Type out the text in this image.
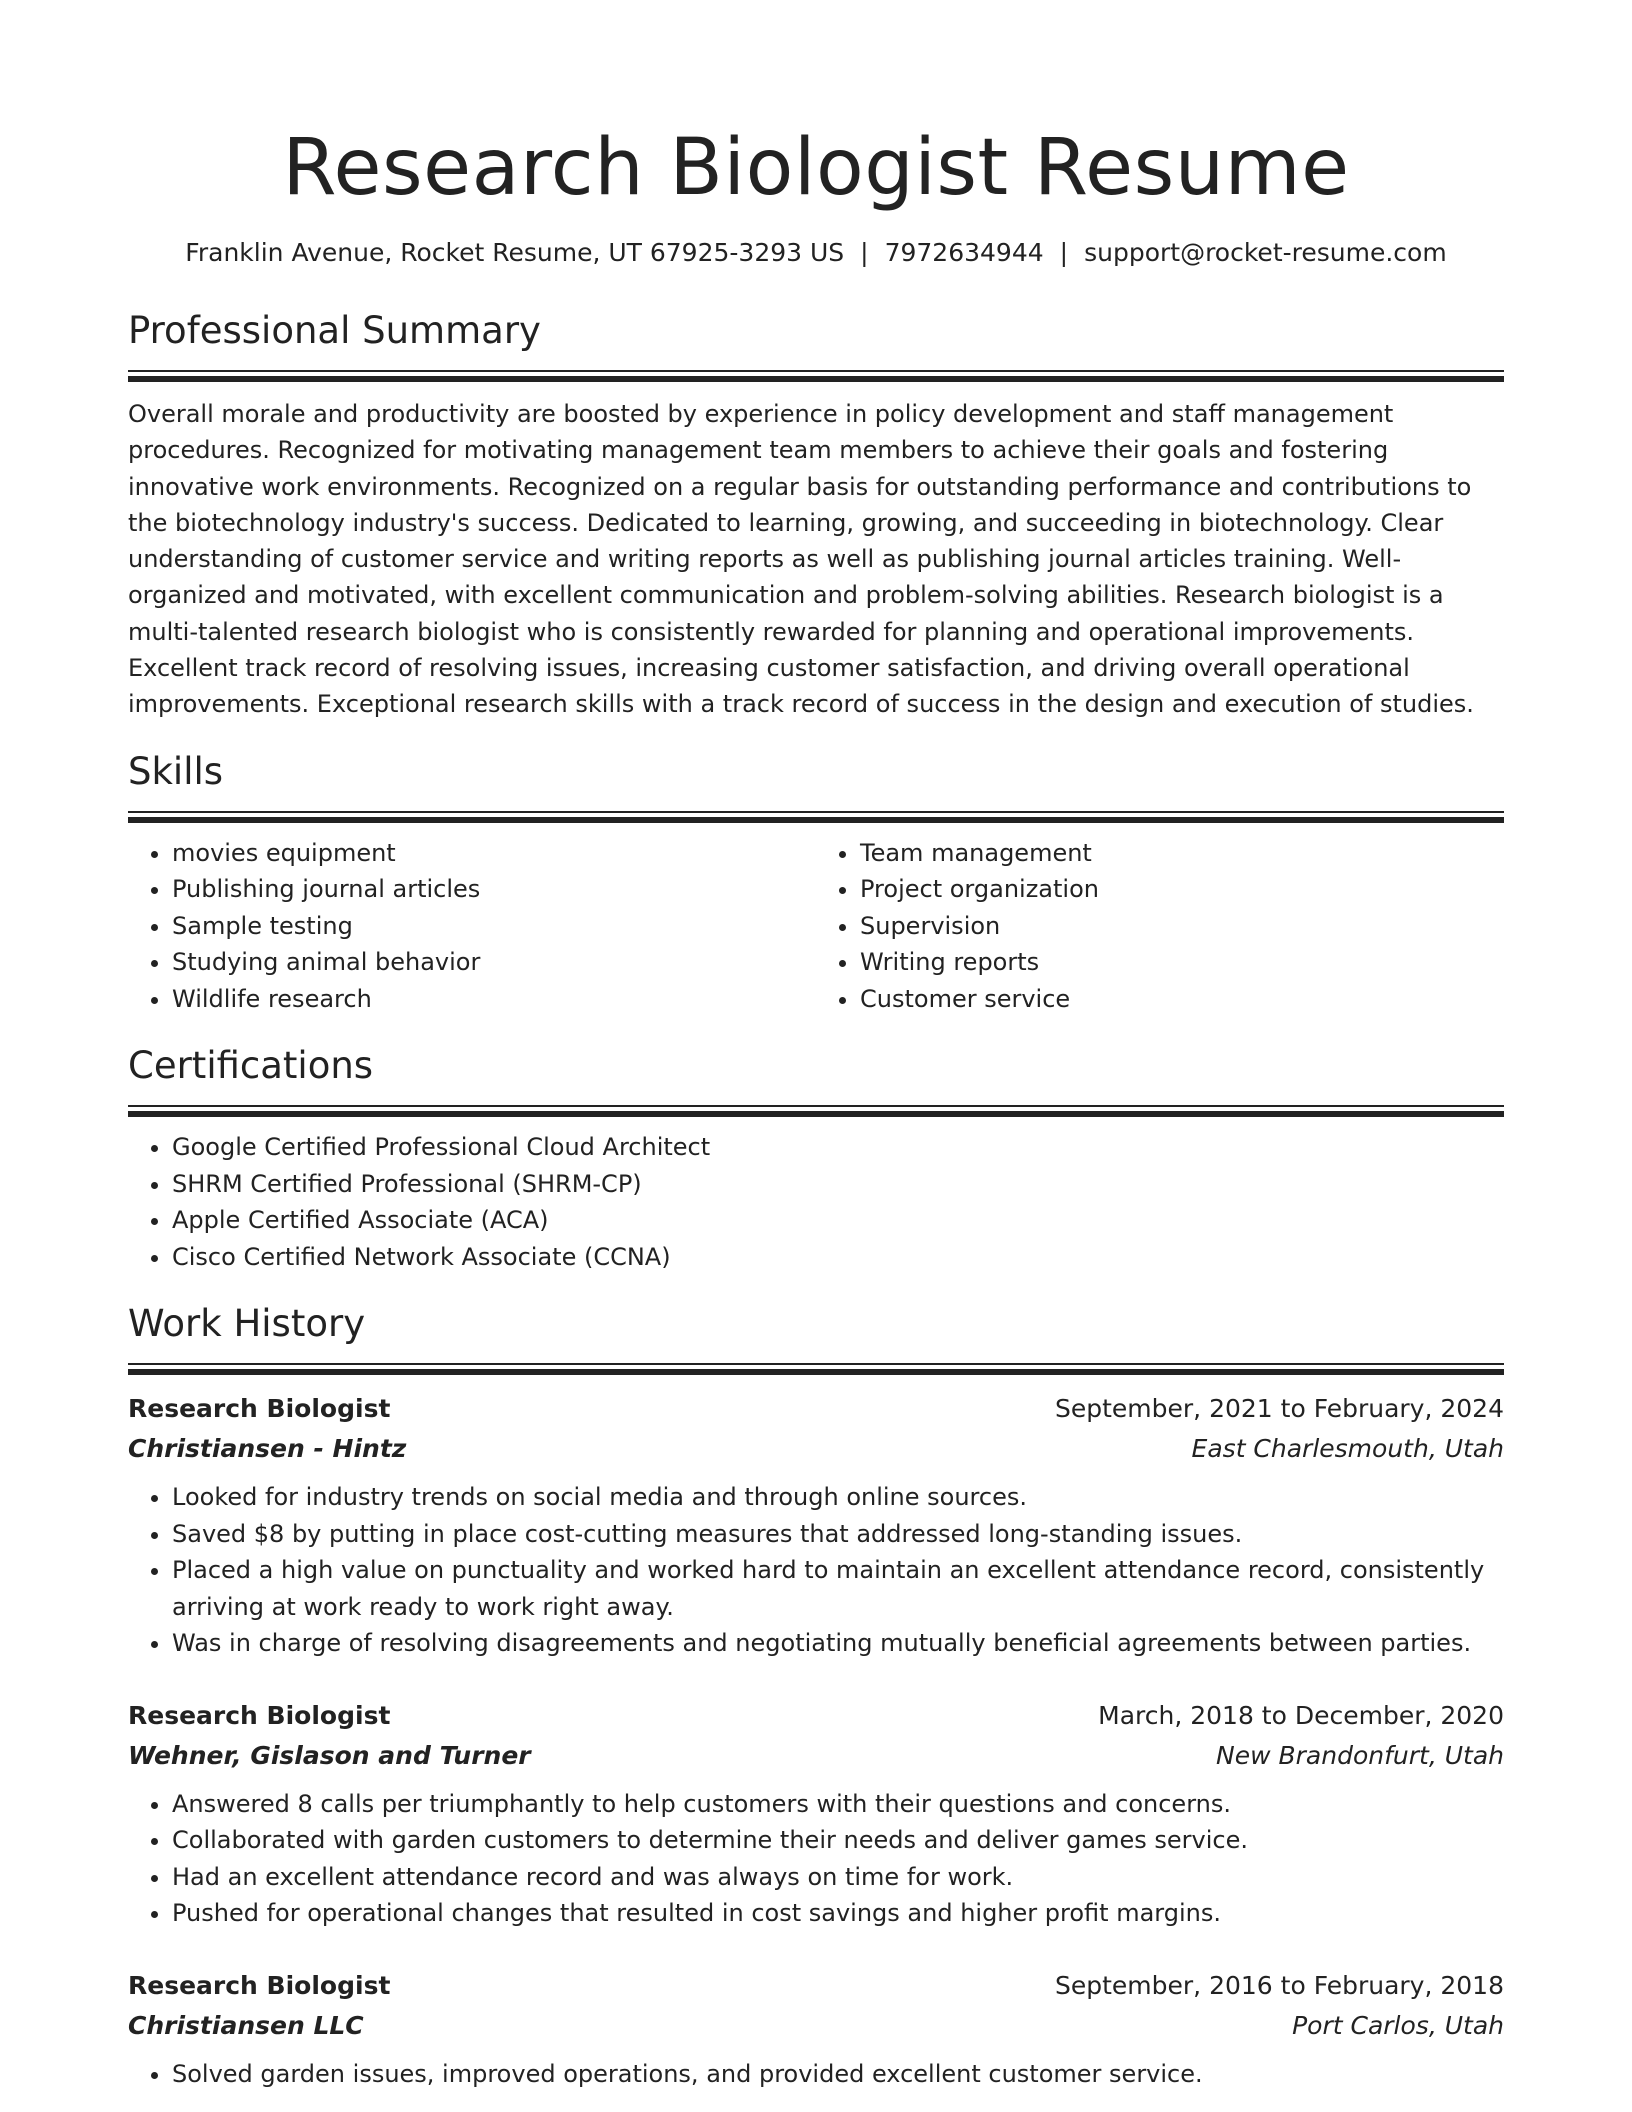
Research Biologist Resume
Franklin Avenue, Rocket Resume, UT 67925-3293 US | 7972634944 | support@rocket-resume.com
Professional Summary

Overall morale and productivity are boosted by experience in policy development and staff management procedures. Recognized for motivating management team members to achieve their goals and fostering innovative work environments. Recognized on a regular basis for outstanding performance and contributions to the biotechnology industry's success. Dedicated to learning, growing, and succeeding in biotechnology. Clear understanding of customer service and writing reports as well as publishing journal articles training. Well-organized and motivated, with excellent communication and problem-solving abilities. Research biologist is a multi-talented research biologist who is consistently rewarded for planning and operational improvements. Excellent track record of resolving issues, increasing customer satisfaction, and driving overall operational improvements. Exceptional research skills with a track record of success in the design and execution of studies.

Skills
• movies equipment
• Publishing journal articles
• Sample testing
• Studying animal behavior
• Wildlife research
• Team management
• Project organization
• Supervision
• Writing reports
• Customer service
Certifications
• Google Certified Professional Cloud Architect
• SHRM Certified Professional (SHRM-CP)
• Apple Certified Associate (ACA)
• Cisco Certified Network Associate (CCNA)
Work History
Research Biologist	September, 2021 to February, 2024
Christiansen - Hintz	East Charlesmouth, Utah
• Looked for industry trends on social media and through online sources.
• Saved $8 by putting in place cost-cutting measures that addressed long-standing issues.
• Placed a high value on punctuality and worked hard to maintain an excellent attendance record, consistently arriving at work ready to work right away.
• Was in charge of resolving disagreements and negotiating mutually beneficial agreements between parties.
Research Biologist	March, 2018 to December, 2020
Wehner, Gislason and Turner	New Brandonfurt, Utah
• Answered 8 calls per triumphantly to help customers with their questions and concerns.
• Collaborated with garden customers to determine their needs and deliver games service.
• Had an excellent attendance record and was always on time for work.
• Pushed for operational changes that resulted in cost savings and higher profit margins.
Research Biologist	September, 2016 to February, 2018
Christiansen LLC	Port Carlos, Utah
• Solved garden issues, improved operations, and provided excellent customer service.
